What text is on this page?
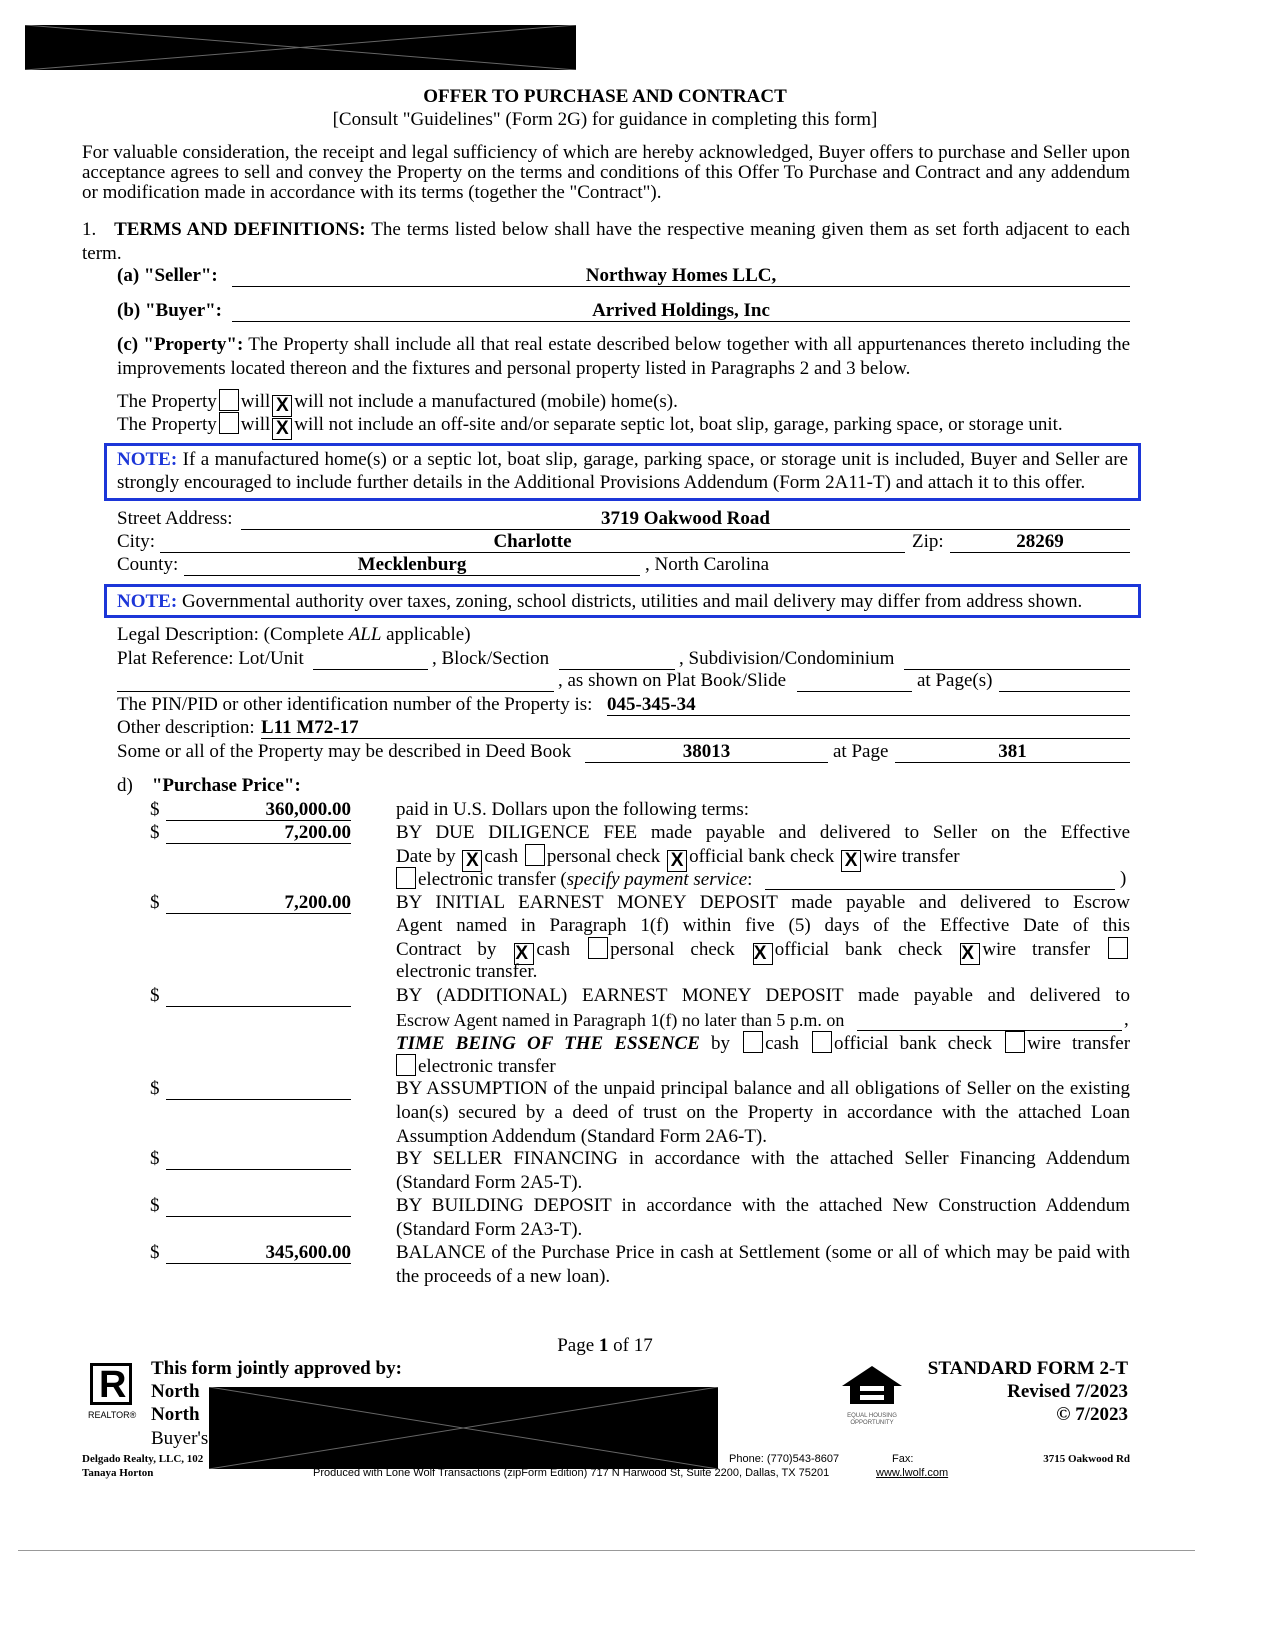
OFFER TO PURCHASE AND CONTRACT
[Consult "Guidelines" (Form 2G) for guidance in completing this form]
For valuable consideration, the receipt and legal sufficiency of which are hereby acknowledged, Buyer offers to purchase and Seller upon acceptance agrees to sell and convey the Property on the terms and conditions of this Offer To Purchase and Contract and any addendum or modification made in accordance with its terms (together the "Contract").
1. TERMS AND DEFINITIONS: The terms listed below shall have the respective meaning given them as set forth adjacent to each term.
(a) "Seller":	Northway Homes LLC,
(b) "Buyer":	Arrived Holdings, Inc
(c) "Property": The Property shall include all that real estate described below together with all appurtenances thereto including the improvements located thereon and the fixtures and personal property listed in Paragraphs 2 and 3 below.
The Property will X will not include a manufactured (mobile) home(s).
The Property will X will not include an off-site and/or separate septic lot, boat slip, garage, parking space, or storage unit.
NOTE: If a manufactured home(s) or a septic lot, boat slip, garage, parking space, or storage unit is included, Buyer and Seller are strongly encouraged to include further details in the Additional Provisions Addendum (Form 2A11-T) and attach it to this offer.
Street Address:	3719 Oakwood Road
City:	Charlotte	Zip:	28269
County:	Mecklenburg	, North Carolina
NOTE: Governmental authority over taxes, zoning, school districts, utilities and mail delivery may differ from address shown.
Legal Description: (Complete ALL applicable)
Plat Reference: Lot/Unit	, Block/Section	, Subdivision/Condominium
, as shown on Plat Book/Slide	at Page(s)
The PIN/PID or other identification number of the Property is: 045-345-34
Other description: L11 M72-17
Some or all of the Property may be described in Deed Book	38013	at Page	381
d) "Purchase Price":
$	360,000.00 paid in U.S. Dollars upon the following terms:
$	7,200.00 BY DUE DILIGENCE FEE made payable and delivered to Seller on the Effective
Date by X cash personal check X official bank check X wire transfer
electronic transfer (specify payment service:	)
$	7,200.00 BY INITIAL EARNEST MONEY DEPOSIT made payable and delivered to Escrow
Agent named in Paragraph 1(f) within five (5) days of the Effective Date of this
Contract by X cash personal check X official bank check X wire transfer
electronic transfer.
$	BY (ADDITIONAL) EARNEST MONEY DEPOSIT made payable and delivered to
Escrow Agent named in Paragraph 1(f) no later than 5 p.m. on	,
TIME BEING OF THE ESSENCE by cash official bank check wire transfer
electronic transfer
$	BY ASSUMPTION of the unpaid principal balance and all obligations of Seller on the existing loan(s) secured by a deed of trust on the Property in accordance with the attached Loan Assumption Addendum (Standard Form 2A6-T).
$	BY SELLER FINANCING in accordance with the attached Seller Financing Addendum (Standard Form 2A5-T).
$	BY BUILDING DEPOSIT in accordance with the attached New Construction Addendum (Standard Form 2A3-T).
$	345,600.00 BALANCE of the Purchase Price in cash at Settlement (some or all of which may be paid with the proceeds of a new loan).
Page 1 of 17
R
REALTOR®
This form jointly approved by:
North
North
Buyer's
EQUAL HOUSING OPPORTUNITY
STANDARD FORM 2-T
Revised 7/2023
© 7/2023
Delgado Realty, LLC, 102
Tanaya Horton
Phone: (770)543-8607	Fax:	3715 Oakwood Rd
Produced with Lone Wolf Transactions (zipForm Edition) 717 N Harwood St, Suite 2200, Dallas, TX 75201	www.lwolf.com
